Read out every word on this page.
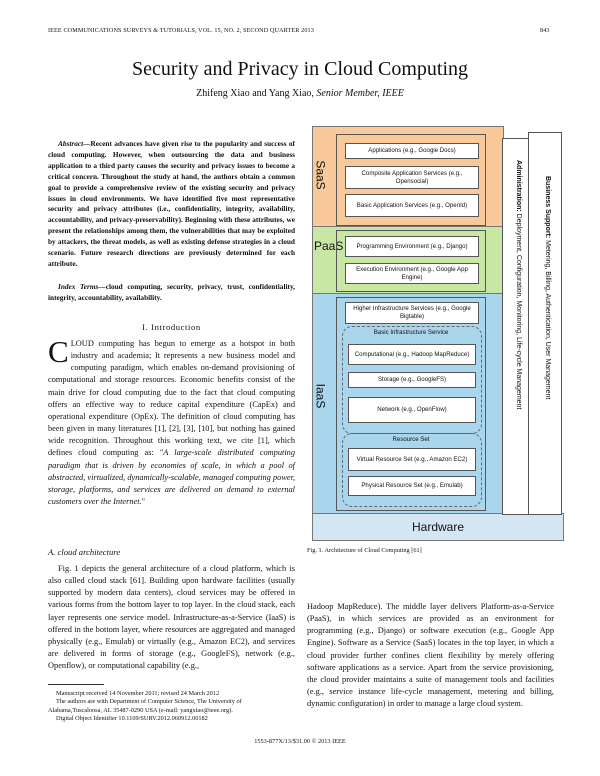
IEEE COMMUNICATIONS SURVEYS & TUTORIALS, VOL. 15, NO. 2, SECOND QUARTER 2013	843
Security and Privacy in Cloud Computing
Zhifeng Xiao and Yang Xiao, Senior Member, IEEE
Abstract—Recent advances have given rise to the popularity and success of cloud computing. However, when outsourcing the data and business application to a third party causes the security and privacy issues to become a critical concern. Throughout the study at hand, the authors obtain a common goal to provide a comprehensive review of the existing security and privacy issues in cloud environments. We have identified five most representative security and privacy attributes (i.e., confidentiality, integrity, availability, accountability, and privacy-preservability). Beginning with these attributes, we present the relationships among them, the vulnerabilities that may be exploited by attackers, the threat models, as well as existing defense strategies in a cloud scenario. Future research directions are previously determined for each attribute.
Index Terms—cloud computing, security, privacy, trust, confidentiality, integrity, accountability, availability.
I. Introduction
CLOUD computing has begun to emerge as a hotspot in both industry and academia; It represents a new business model and computing paradigm, which enables on-demand provisioning of computational and storage resources. Economic benefits consist of the main drive for cloud computing due to the fact that cloud computing offers an effective way to reduce capital expenditure (CapEx) and operational expenditure (OpEx). The definition of cloud computing has been given in many literatures [1], [2], [3], [10], but nothing has gained wide recognition. Throughout this working text, we cite [1], which defines cloud computing as: "A large-scale distributed computing paradigm that is driven by economies of scale, in which a pool of abstracted, virtualized, dynamically-scalable, managed computing power, storage, platforms, and services are delivered on demand to external customers over the Internet."
A. cloud architecture
Fig. 1 depicts the general architecture of a cloud platform, which is also called cloud stack [61]. Building upon hardware facilities (usually supported by modern data centers), cloud services may be offered in various forms from the bottom layer to top layer. In the cloud stack, each layer represents one service model. Infrastructure-as-a-Service (IaaS) is offered in the bottom layer, where resources are aggregated and managed physically (e.g., Emulab) or virtually (e.g., Amazon EC2), and services are delivered in forms of storage (e.g., GoogleFS), network (e.g., Openflow), or computational capability (e.g.,

Manuscript received 14 November 2011; revised 24 March 2012

The authors are with Department of Computer Science, The University of Alabama,Tuscaloosa, AL 35487-0290 USA (e-mail: yangxiao@ieee.org).

Digital Object Identifier 10.1109/SURV.2012.060912.00182

Hadoop MapReduce). The middle layer delivers Platform-as-a-Service (PaaS), in which services are provided as an environment for programming (e.g., Django) or software execution (e.g., Google App Engine). Software as a Service (SaaS) locates in the top layer, in which a cloud provider further confines client flexibility by merely offering software applications as a service. Apart from the service provisioning, the cloud provider maintains a suite of management tools and facilities (e.g., service instance life-cycle management, metering and billing, dynamic configuration) in order to manage a large cloud system.
Fig. 1. Architecture of Cloud Computing [61]
1553-877X/13/$31.00 © 2013 IEEE
SaaS
Applications (e.g., Google Docs)
Composite Application Services (e.g., Opensocial)
Basic Application Services (e.g., OpenId)
PaaS	Programming Environment (e.g., Django)
Execution Environment (e.g., Google App Engine)
IaaS
Higher Infrastructure Services (e.g., Google Bigtable)
Basic Infrastructure Service
Computational (e.g., Hadoop MapReduce)
Storage (e.g., GoogleFS)
Network (e.g., OpenFlow)
Resource Set
Virtual Resource Set (e.g., Amazon EC2)
Physical Resource Set (e.g., Emulab)
Hardware
Administration: Deployment, Configuration, Monitoring, Life-cycle Management
Business Support: Metering, Billing, Authentication, User Management
